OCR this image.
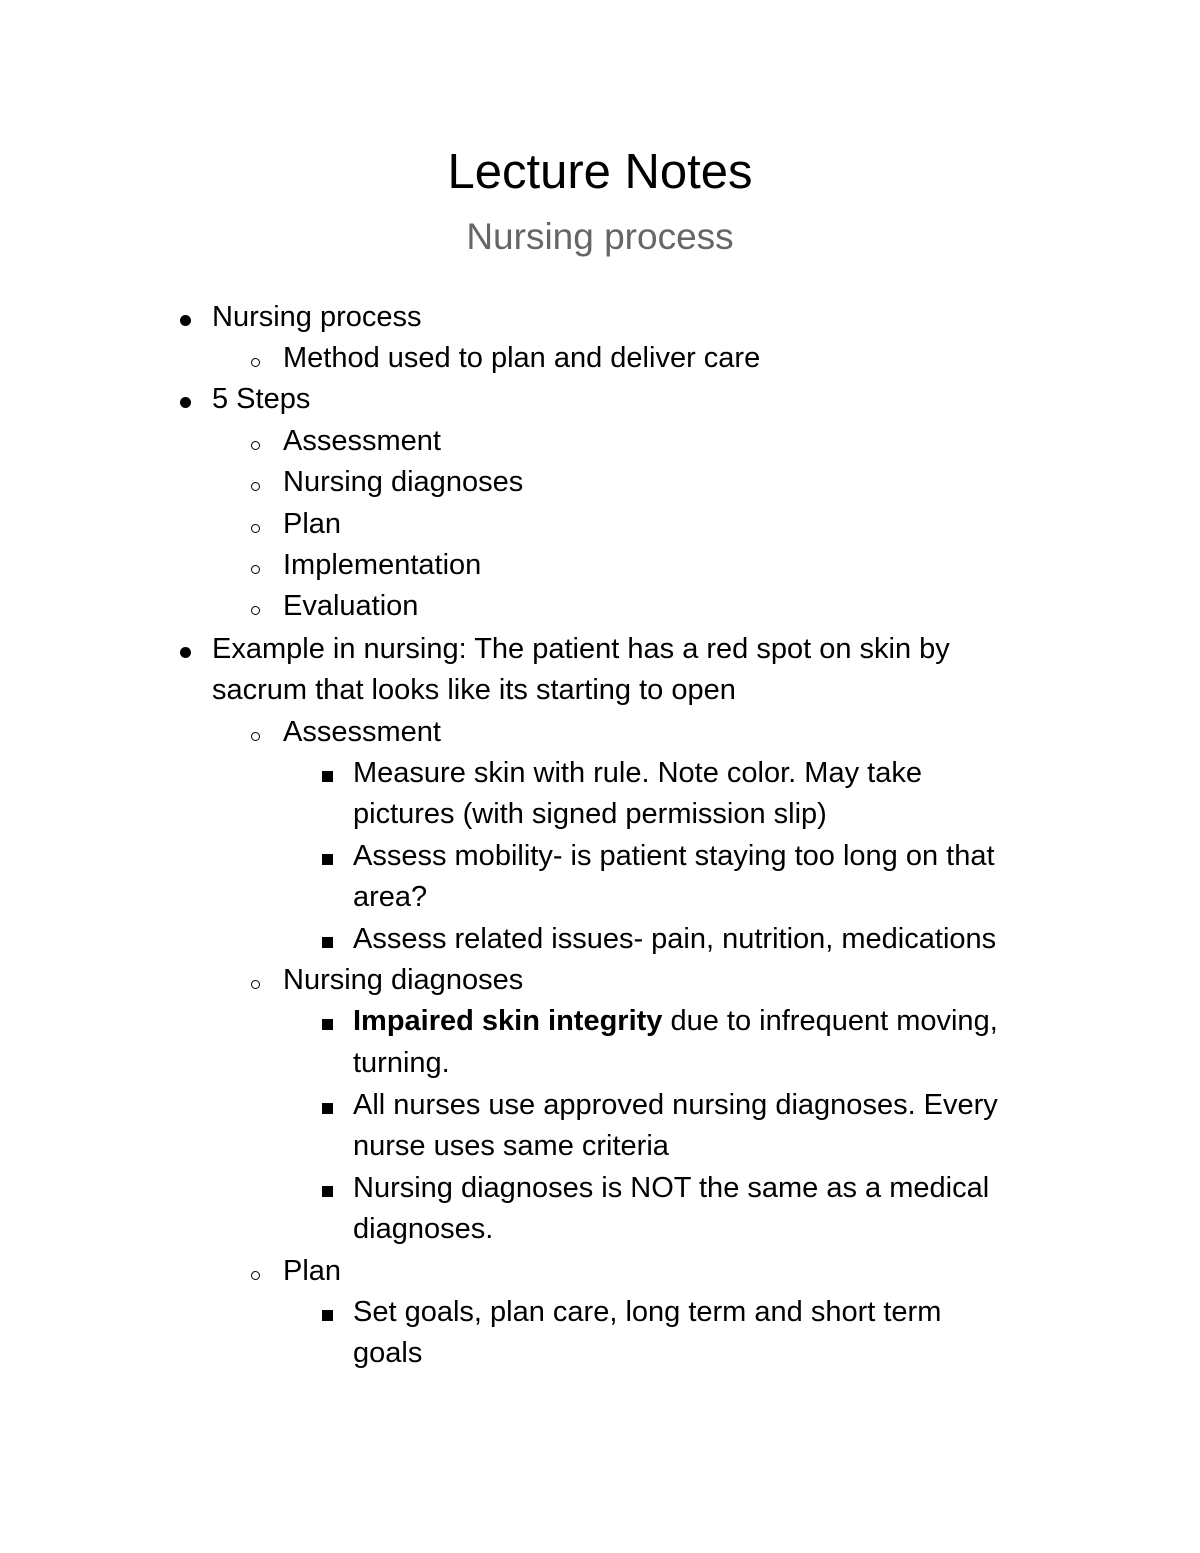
Lecture Notes
Nursing process
Nursing process
Method used to plan and deliver care
5 Steps
Assessment
Nursing diagnoses
Plan
Implementation
Evaluation
Example in nursing: The patient has a red spot on skin by
sacrum that looks like its starting to open
Assessment
Measure skin with rule. Note color. May take
pictures (with signed permission slip)
Assess mobility- is patient staying too long on that
area?
Assess related issues- pain, nutrition, medications
Nursing diagnoses
Impaired skin integrity due to infrequent moving,
turning.
All nurses use approved nursing diagnoses. Every
nurse uses same criteria
Nursing diagnoses is NOT the same as a medical
diagnoses.
Plan
Set goals, plan care, long term and short term
goals
